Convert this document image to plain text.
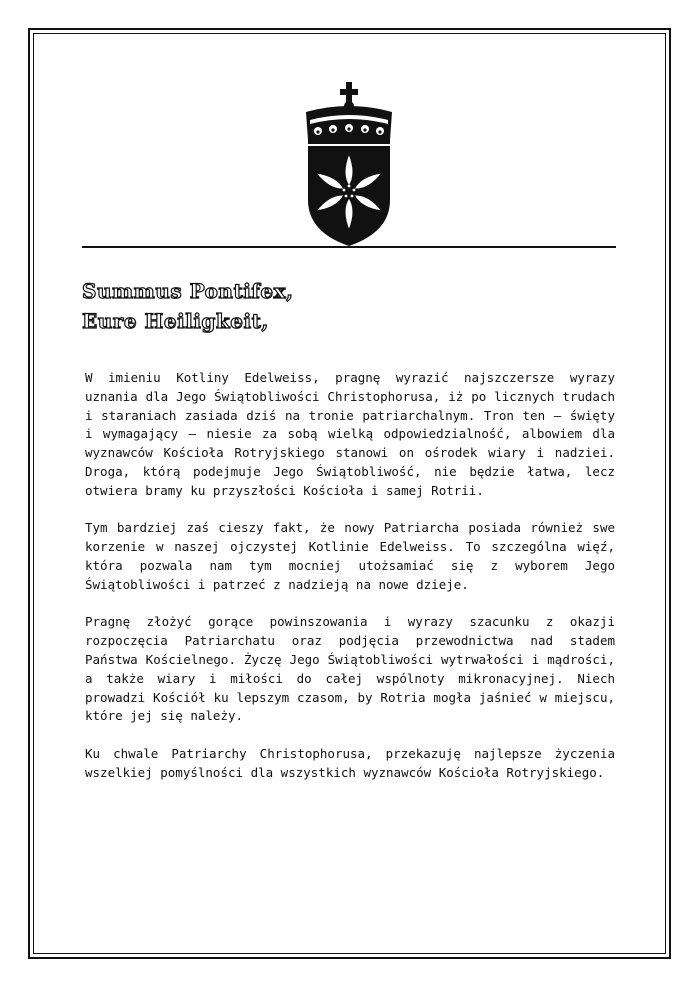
Summus Pontifex,
Eure Heiligkeit,

W imieniu Kotliny Edelweiss, pragnę wyrazić najszczersze wyrazy uznania dla Jego Świątobliwości Christophorusa, iż po licznych trudach i staraniach zasiada dziś na tronie patriarchalnym. Tron ten – święty i wymagający – niesie za sobą wielką odpowiedzialność, albowiem dla wyznawców Kościoła Rotryjskiego stanowi on ośrodek wiary i nadziei. Droga, którą podejmuje Jego Świątobliwość, nie będzie łatwa, lecz otwiera bramy ku przyszłości Kościoła i samej Rotrii.

Tym bardziej zaś cieszy fakt, że nowy Patriarcha posiada również swe korzenie w naszej ojczystej Kotlinie Edelweiss. To szczególna więź, która pozwala nam tym mocniej utożsamiać się z wyborem Jego Świątobliwości i patrzeć z nadzieją na nowe dzieje.

Pragnę złożyć gorące powinszowania i wyrazy szacunku z okazji rozpoczęcia Patriarchatu oraz podjęcia przewodnictwa nad stadem Państwa Kościelnego. Życzę Jego Świątobliwości wytrwałości i mądrości, a także wiary i miłości do całej wspólnoty mikronacyjnej. Niech prowadzi Kościół ku lepszym czasom, by Rotria mogła jaśnieć w miejscu, które jej się należy.

Ku chwale Patriarchy Christophorusa, przekazuję najlepsze życzenia wszelkiej pomyślności dla wszystkich wyznawców Kościoła Rotryjskiego.
